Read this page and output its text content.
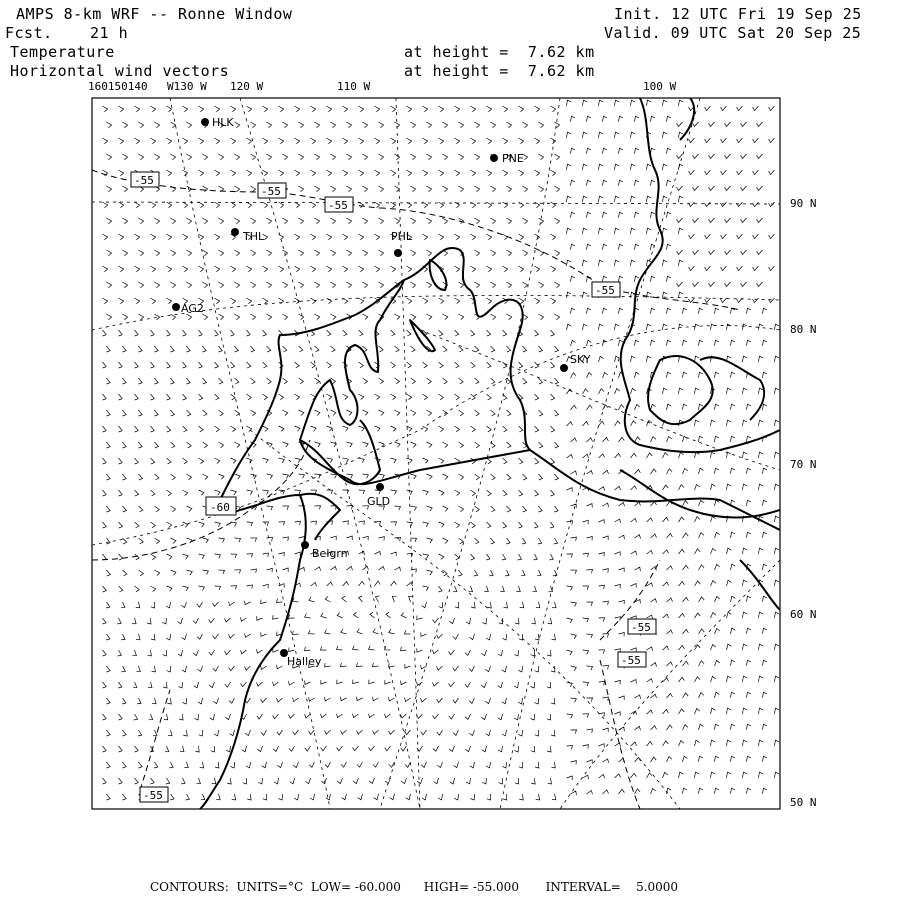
AMPS 8-km WRF -- Ronne Window
Fcst. 21 h
Init. 12 UTC Fri 19 Sep 25
Valid. 09 UTC Sat 20 Sep 25
Temperature
Horizontal wind vectors
at height =  7.62 km
at height =  7.62 km
160150140 W130 W 120 W	110 W	100 W
90 N
80 N
70 N
60 N
50 N
HLK
PNE
THL	PHL
AG2
SKY
GLD
Belgrn
Halley
-55
-55
-55
-55
-60
-55
-55
-55
CONTOURS:  UNITS=°C  LOW= -60.000      HIGH= -55.000       INTERVAL=    5.0000
